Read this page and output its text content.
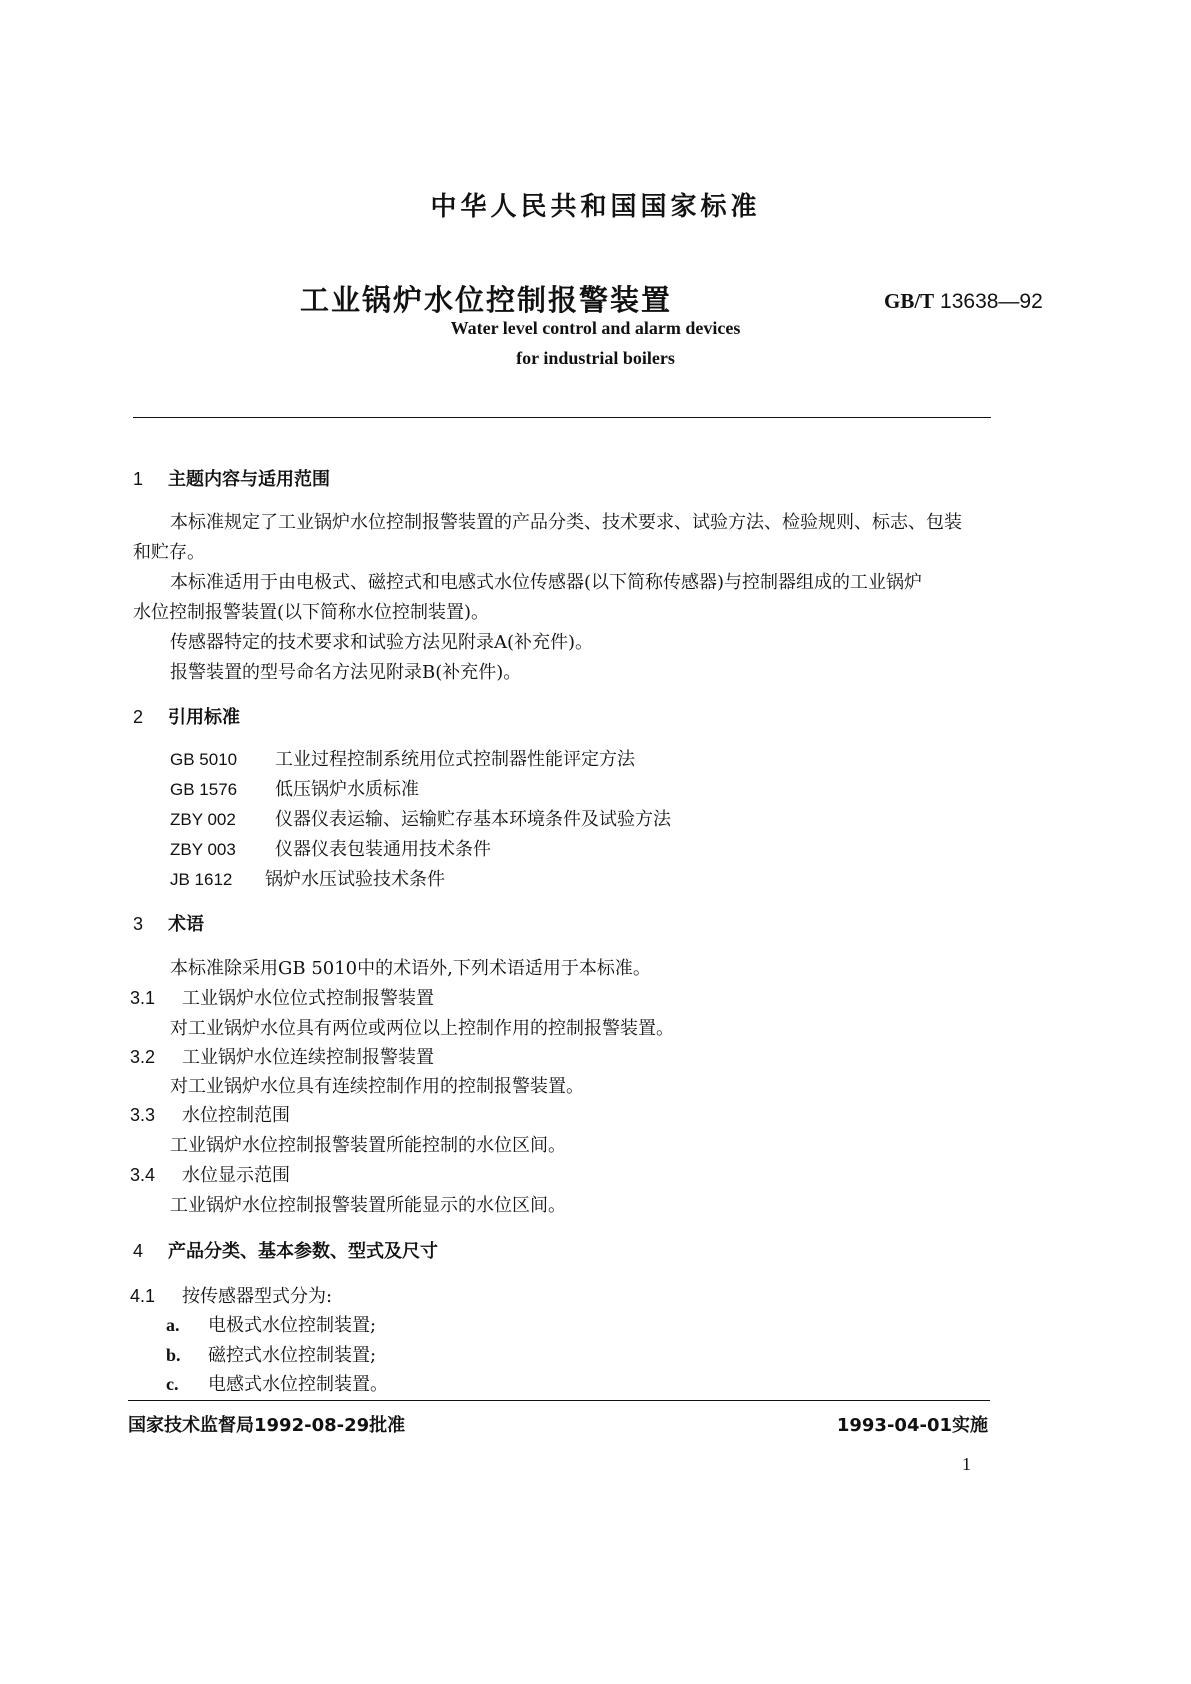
中华人民共和国国家标准
工业锅炉水位控制报警装置	GB/T 13638—92
Water level control and alarm devices
for industrial boilers
1 主题内容与适用范围
本标准规定了工业锅炉水位控制报警装置的产品分类、技术要求、试验方法、检验规则、标志、包装
和贮存。
本标准适用于由电极式、磁控式和电感式水位传感器(以下简称传感器)与控制器组成的工业锅炉
水位控制报警装置(以下简称水位控制装置)。
传感器特定的技术要求和试验方法见附录A(补充件)。
报警装置的型号命名方法见附录B(补充件)。
2 引用标准
GB 5010 工业过程控制系统用位式控制器性能评定方法
GB 1576 低压锅炉水质标准
ZBY 002 仪器仪表运输、运输贮存基本环境条件及试验方法
ZBY 003 仪器仪表包装通用技术条件
JB 1612 锅炉水压试验技术条件
3 术语
本标准除采用GB 5010中的术语外,下列术语适用于本标准。
3.1 工业锅炉水位位式控制报警装置
对工业锅炉水位具有两位或两位以上控制作用的控制报警装置。
3.2 工业锅炉水位连续控制报警装置
对工业锅炉水位具有连续控制作用的控制报警装置。
3.3 水位控制范围
工业锅炉水位控制报警装置所能控制的水位区间。
3.4 水位显示范围
工业锅炉水位控制报警装置所能显示的水位区间。
4 产品分类、基本参数、型式及尺寸
4.1 按传感器型式分为:
a. 电极式水位控制装置;
b. 磁控式水位控制装置;
c. 电感式水位控制装置。
国家技术监督局1992-08-29批准	1993-04-01实施
1
